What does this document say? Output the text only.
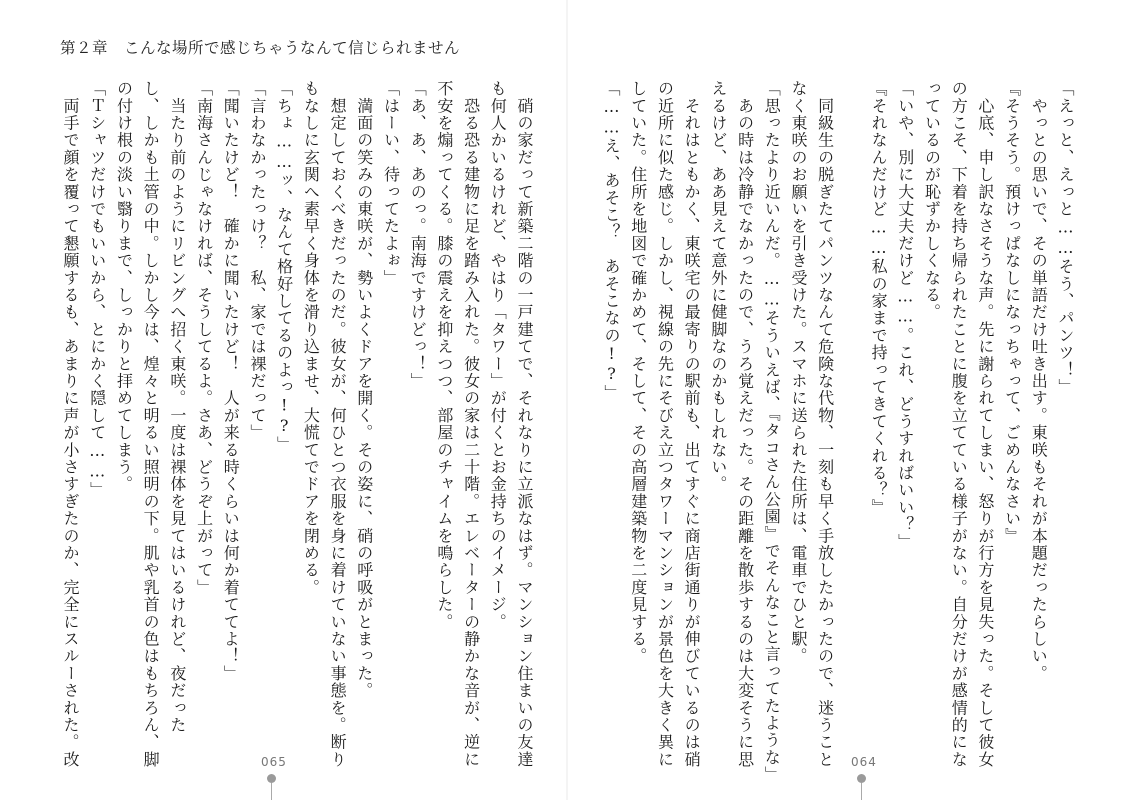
第２章　こんな場所で感じちゃうなんて信じられません

　硝の家だって新築二階の一戸建てで、それなりに立派なはず。マンション住まいの友達

も何人かいるけれど、やはり「タワー」が付くとお金持ちのイメージ。

　恐る恐る建物に足を踏み入れた。彼女の家は二十階。エレベーターの静かな音が、逆に

不安を煽ってくる。膝の震えを抑えつつ、部屋のチャイムを鳴らした。

「あ、あ、あのっ。南海ですけどっ！」

「はーい、待ってたよぉ」

　満面の笑みの東咲が、勢いよくドアを開く。その姿に、硝の呼吸がとまった。

　想定しておくべきだったのだ。彼女が、何ひとつ衣服を身に着けていない事態を。断り

もなしに玄関へ素早く身体を滑り込ませ、大慌てでドアを閉める。

「ちょ……ッ、なんて格好してるのよっ!?」

「言わなかったっけ？　私、家では裸だって」

「聞いたけど！　確かに聞いたけど！　人が来る時くらいは何か着ててよ！」

「南海さんじゃなければ、そうしてるよ。さあ、どうぞ上がって」

　当たり前のようにリビングへ招く東咲。一度は裸体を見てはいるけれど、夜だった

し、しかも土管の中。しかし今は、煌々と明るい照明の下。肌や乳首の色はもちろん、脚

の付け根の淡い翳りまで、しっかりと拝めてしまう。

「Ｔシャツだけでもいいから、とにかく隠して……」

　両手で顔を覆って懇願するも、あまりに声が小さすぎたのか、完全にスルーされた。改	065

「えっと、えっと……そう、パンツ！」

　やっとの思いで、その単語だけ吐き出す。東咲もそれが本題だったらしい。

『そうそう。預けっぱなしになっちゃって、ごめんなさい』

　心底、申し訳なさそうな声。先に謝られてしまい、怒りが行方を見失った。そして彼女

の方こそ、下着を持ち帰られたことに腹を立てている様子がない。自分だけが感情的にな

っているのが恥ずかしくなる。

「いや、別に大丈夫だけど……。これ、どうすればいい？」

『それなんだけど……私の家まで持ってきてくれる？』

　同級生の脱ぎたてパンツなんて危険な代物、一刻も早く手放したかったので、迷うこと

なく東咲のお願いを引き受けた。スマホに送られた住所は、電車でひと駅。

「思ったより近いんだ。……そういえば、『タコさん公園』でそんなこと言ってたような」

　あの時は冷静でなかったので、うろ覚えだった。その距離を散歩するのは大変そうに思

えるけど、ああ見えて意外に健脚なのかもしれない。

　それはともかく、東咲宅の最寄りの駅前も、出てすぐに商店街通りが伸びているのは硝

の近所に似た感じ。しかし、視線の先にそびえ立つタワーマンションが景色を大きく異に

していた。住所を地図で確かめて、そして、その高層建築物を二度見する。

「……え、あそこ？　あそこなの!?」

064
